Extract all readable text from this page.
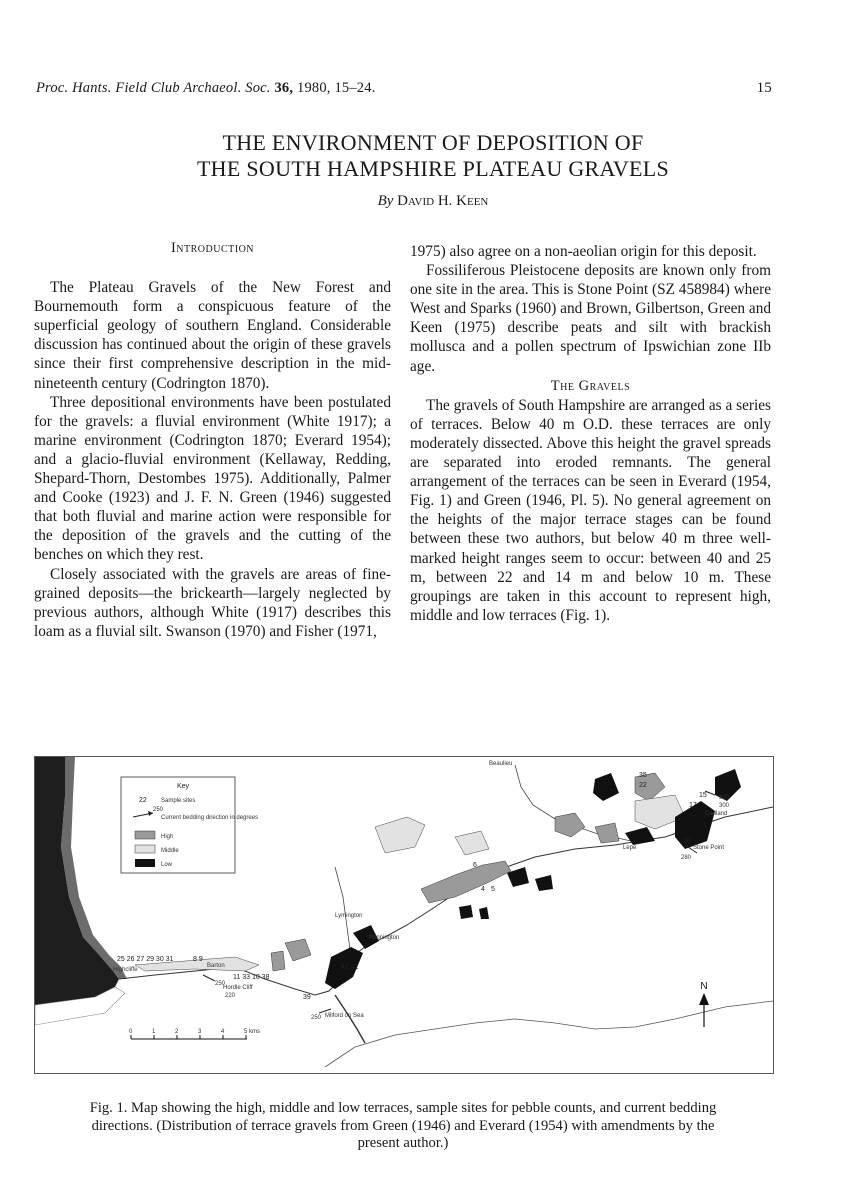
Proc. Hants. Field Club Archaeol. Soc. 36, 1980, 15–24.	15
THE ENVIRONMENT OF DEPOSITION OF
THE SOUTH HAMPSHIRE PLATEAU GRAVELS
By David H. Keen
Introduction

The Plateau Gravels of the New Forest and Bournemouth form a conspicuous feature of the superficial geology of southern England. Considerable discussion has continued about the origin of these gravels since their first comprehensive description in the mid-nineteenth century (Codrington 1870).

Three depositional environments have been postulated for the gravels: a fluvial environment (White 1917); a marine environment (Codrington 1870; Everard 1954); and a glacio-fluvial environment (Kellaway, Redding, Shepard-Thorn, Destombes 1975). Additionally, Palmer and Cooke (1923) and J. F. N. Green (1946) suggested that both fluvial and marine action were responsible for the deposition of the gravels and the cutting of the benches on which they rest.

Closely associated with the gravels are areas of fine-grained deposits—the brickearth—largely neglected by previous authors, although White (1917) describes this loam as a fluvial silt. Swanson (1970) and Fisher (1971,

1975) also agree on a non-aeolian origin for this deposit.

Fossiliferous Pleistocene deposits are known only from one site in the area. This is Stone Point (SZ 458984) where West and Sparks (1960) and Brown, Gilbertson, Green and Keen (1975) describe peats and silt with brackish mollusca and a pollen spectrum of Ipswichian zone IIb age.

The Gravels

The gravels of South Hampshire are arranged as a series of terraces. Below 40 m O.D. these terraces are only moderately dissected. Above this height the gravel spreads are separated into eroded remnants. The general arrangement of the terraces can be seen in Everard (1954, Fig. 1) and Green (1946, Pl. 5). No general agreement on the heights of the major terrace stages can be found between these two authors, but below 40 m three well-marked height ranges seem to occur: between 40 and 25 m, between 22 and 14 m and below 10 m. These groupings are taken in this account to represent high, middle and low terraces (Fig. 1).

Key
22 Sample sites
250
Current bedding direction in degrees
High
Middle
Low
Beaulieu
Cadland
Lepe	Stone Point
Lymington
Pennington
Highcliffe
Barton
Hordle Cliff
Milford on Sea
25 26 27 29 30 31	8 9
11 33 10 38
39
42 41
6
4 5
35
22
15
17
18
250
220
250
280
300
300
N
0	1	2	3	4	5 kms
Fig. 1. Map showing the high, middle and low terraces, sample sites for pebble counts, and current bedding directions. (Distribution of terrace gravels from Green (1946) and Everard (1954) with amendments by the present author.)
